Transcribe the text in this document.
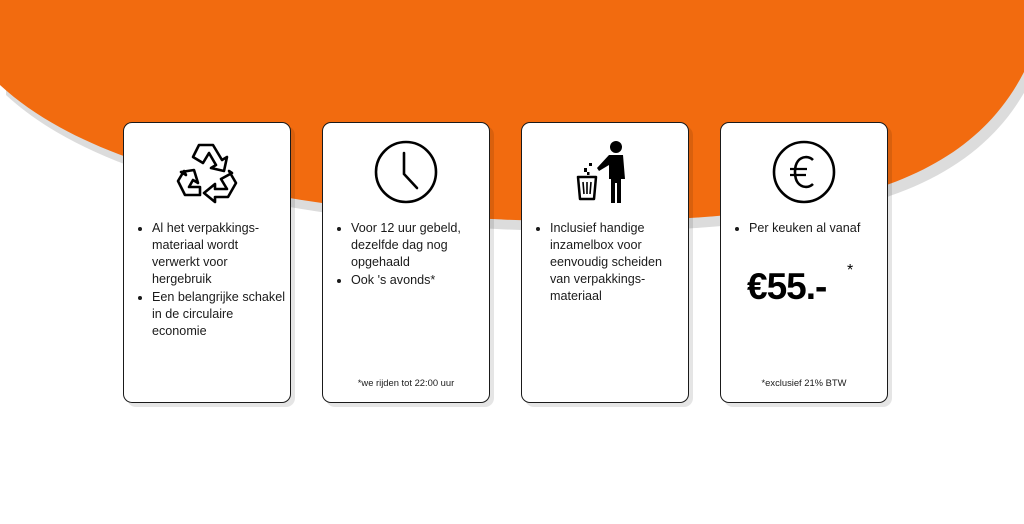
• Al het verpakkings-materiaal wordt verwerkt voor hergebruik
• Een belangrijke schakel in de circulaire economie
• Voor 12 uur gebeld, dezelfde dag nog opgehaald
• Ook 's avonds*
*we rijden tot 22:00 uur
• Inclusief handige inzamelbox voor eenvoudig scheiden van verpakkings-materiaal
• Per keuken al vanaf
€55.- *
*exclusief 21% BTW
